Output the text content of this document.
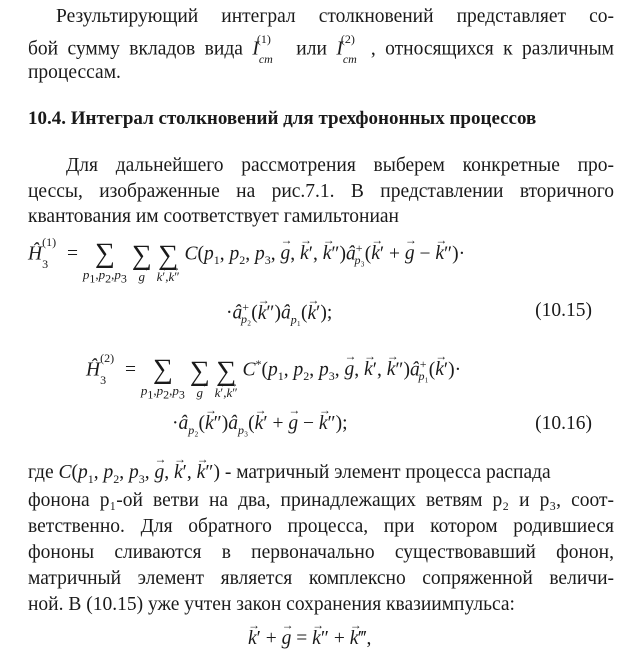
Результирующий интеграл столкновений представляет со-
бой сумму вкладов вида $I_{cm}^{(1)}$ или $I_{cm}^{(2)}$ , относящихся к различным
процессам.
10.4. Интеграл столкновений для трехфононных процессов
Для дальнейшего рассмотрения выберем конкретные про-
цессы, изображенные на рис.7.1. В представлении вторичного
квантования им соответствует гамильтониан
$Ĥ_3^{(1)}$ = ∑
$p_1,p_2,p_3$

∑
→ g

∑
→ k′,→ k″
$C(p_1$, $p_2$, $p_3$, → g, → k′, → $k'')â^+_{p_3}(\to k'$ + → g − → k″)·
$\cdot â^+_{p_2}(\to$ $k'')â_{p_1}(\to k')$;	(10.15)
$Ĥ_3^{(2)}$ = ∑
$p_1,p_2,p_3$

∑
→ g

∑
→ k′,→ k″
$C^*(p_1$, $p_2$, $p_3$, → g, → k′, → $k'')â^+_{p_1}(\to k')\cdot$
$\cdot â_{p_2}(\to$ $k'')â_{p_3}(\to k'$ + → g − → k″);	(10.16)
где $C(p_1$, $p_2$, $p_3$, → g, → k′, → k″) - матричный элемент процесса распада
фонона p₁-ой ветви на два, принадлежащих ветвям p₂ и p₃, соот-
ветственно. Для обратного процесса, при котором родившиеся
фононы сливаются в первоначально существовавший фонон,
матричный элемент является комплексно сопряженной величи-
ной. В (10.15) уже учтен закон сохранения квазиимпульса:
→ k′ + → g = → k″ + → k‴,
